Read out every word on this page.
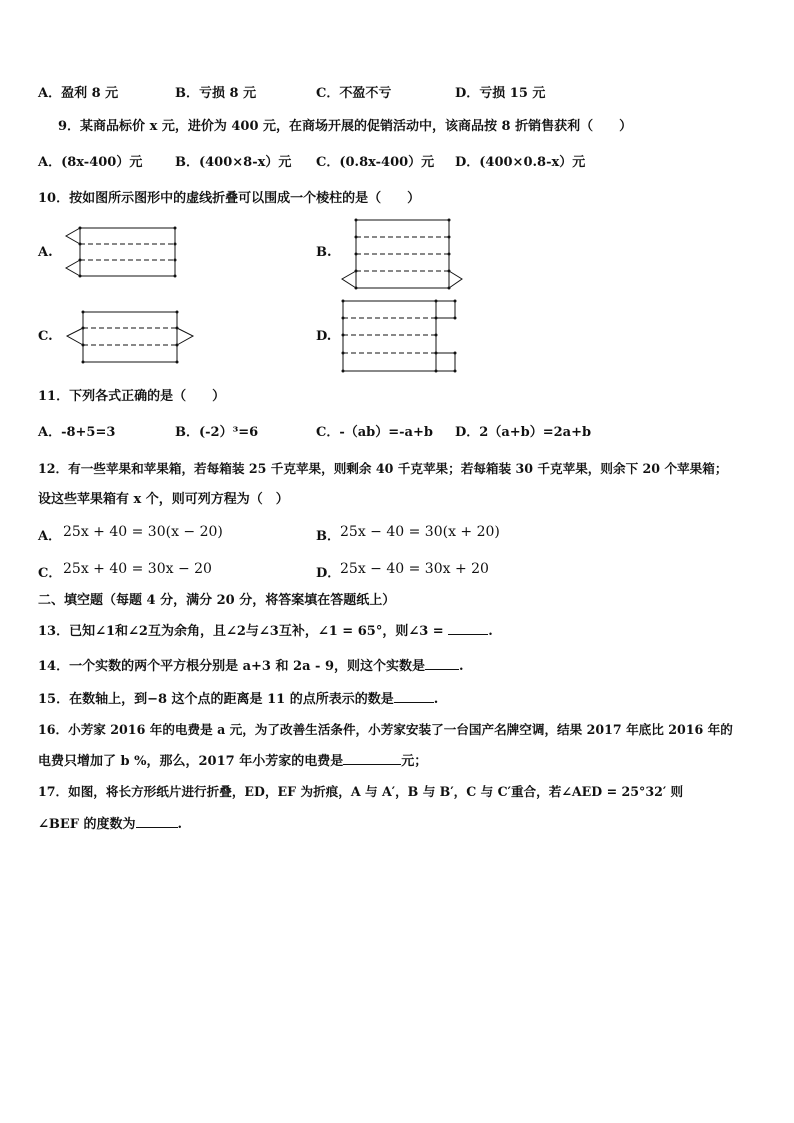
A．盈利 8 元	B．亏损 8 元	C．不盈不亏	D．亏损 15 元
9．某商品标价 x 元，进价为 400 元，在商场开展的促销活动中，该商品按 8 折销售获利（　　）
A．(8x-400）元	B．(400×8-x）元 C．(0.8x-400）元 D．(400×0.8-x）元
10．按如图所示图形中的虚线折叠可以围成一个棱柱的是（　　）
A.	B.
C.	D.
11．下列各式正确的是（　　）
A．-8+5=3	B．(-2）³=6	C．-（ab）=-a+b D．2（a+b）=2a+b
12．有一些苹果和苹果箱，若每箱装 25 千克苹果，则剩余 40 千克苹果；若每箱装 30 千克苹果，则余下 20 个苹果箱；
设这些苹果箱有 x 个，则可列方程为（　）
A． 25x + 40 = 30(x − 20)	B． 25x − 40 = 30(x + 20)
C． 25x + 40 = 30x − 20	D． 25x − 40 = 30x + 20
二、填空题（每题 4 分，满分 20 分，将答案填在答题纸上）
13．已知∠1和∠2互为余角，且∠2与∠3互补，∠1 = 65°，则∠3 =	.
14．一个实数的两个平方根分别是 a+3 和 2a - 9，则这个实数是	.
15．在数轴上，到−8 这个点的距离是 11 的点所表示的数是	.
16．小芳家 2016 年的电费是 a 元，为了改善生活条件，小芳家安装了一台国产名牌空调，结果 2017 年底比 2016 年的
电费只增加了 b %，那么，2017 年小芳家的电费是	元；
17．如图，将长方形纸片进行折叠，ED，EF 为折痕，A 与 A′，B 与 B′，C 与 C′重合，若∠AED = 25°32′ 则
∠BEF 的度数为	.
